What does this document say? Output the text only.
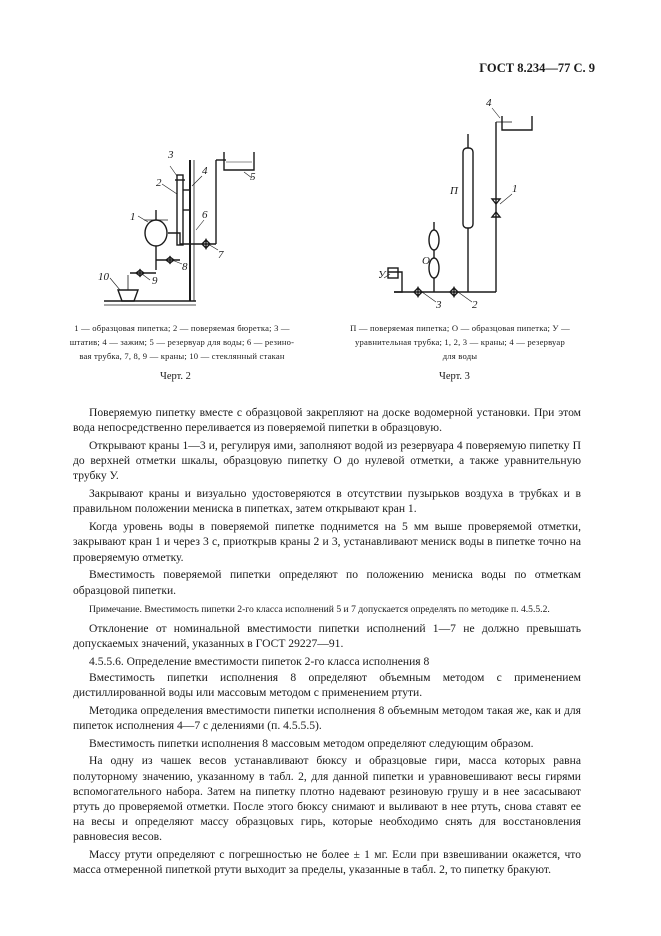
ГОСТ 8.234—77 С. 9
3
2
1
4	5
6
7
8
9
10
1 — образцовая пипетка; 2 — поверяемая бюретка; 3 —
штатив; 4 — зажим; 5 — резервуар для воды; 6 — резино-
вая трубка, 7, 8, 9 — краны; 10 — стеклянный стакан
Черт. 2
4
1
2
3
П
О
У
П — поверяемая пипетка; О — образцовая пипетка; У —
уравнительная трубка; 1, 2, 3 — краны; 4 — резервуар
для воды
Черт. 3

Поверяемую пипетку вместе с образцовой закрепляют на доске водомерной установки. При этом вода непосредственно переливается из поверяемой пипетки в образцовую.

Открывают краны 1—3 и, регулируя ими, заполняют водой из резервуара 4 поверяемую пипетку П до верхней отметки шкалы, образцовую пипетку О до нулевой отметки, а также уравнительную трубку У.

Закрывают краны и визуально удостоверяются в отсутствии пузырьков воздуха в трубках и в правильном положении мениска в пипетках, затем открывают кран 1.

Когда уровень воды в поверяемой пипетке поднимется на 5 мм выше проверяемой отметки, закрывают кран 1 и через 3 с, приоткрыв краны 2 и 3, устанавливают мениск воды в пипетке точно на проверяемую отметку.

Вместимость поверяемой пипетки определяют по положению мениска воды по отметкам образцовой пипетки.

Примечание. Вместимость пипетки 2-го класса исполнений 5 и 7 допускается определять по методике п. 4.5.5.2.

Отклонение от номинальной вместимости пипетки исполнений 1—7 не должно превышать допускаемых значений, указанных в ГОСТ 29227—91.

4.5.5.6. Определение вместимости пипеток 2-го класса исполнения 8

Вместимость пипетки исполнения 8 определяют объемным методом с применением дистиллированной воды или массовым методом с применением ртути.

Методика определения вместимости пипетки исполнения 8 объемным методом такая же, как и для пипеток исполнения 4—7 с делениями (п. 4.5.5.5).

Вместимость пипетки исполнения 8 массовым методом определяют следующим образом.

На одну из чашек весов устанавливают бюксу и образцовые гири, масса которых равна полуторному значению, указанному в табл. 2, для данной пипетки и уравновешивают весы гирями вспомогательного набора. Затем на пипетку плотно надевают резиновую грушу и в нее засасывают ртуть до проверяемой отметки. После этого бюксу снимают и выливают в нее ртуть, снова ставят ее на весы и определяют массу образцовых гирь, которые необходимо снять для восстановления равновесия весов.

Массу ртути определяют с погрешностью не более ± 1 мг. Если при взвешивании окажется, что масса отмеренной пипеткой ртути выходит за пределы, указанные в табл. 2, то пипетку бракуют.
